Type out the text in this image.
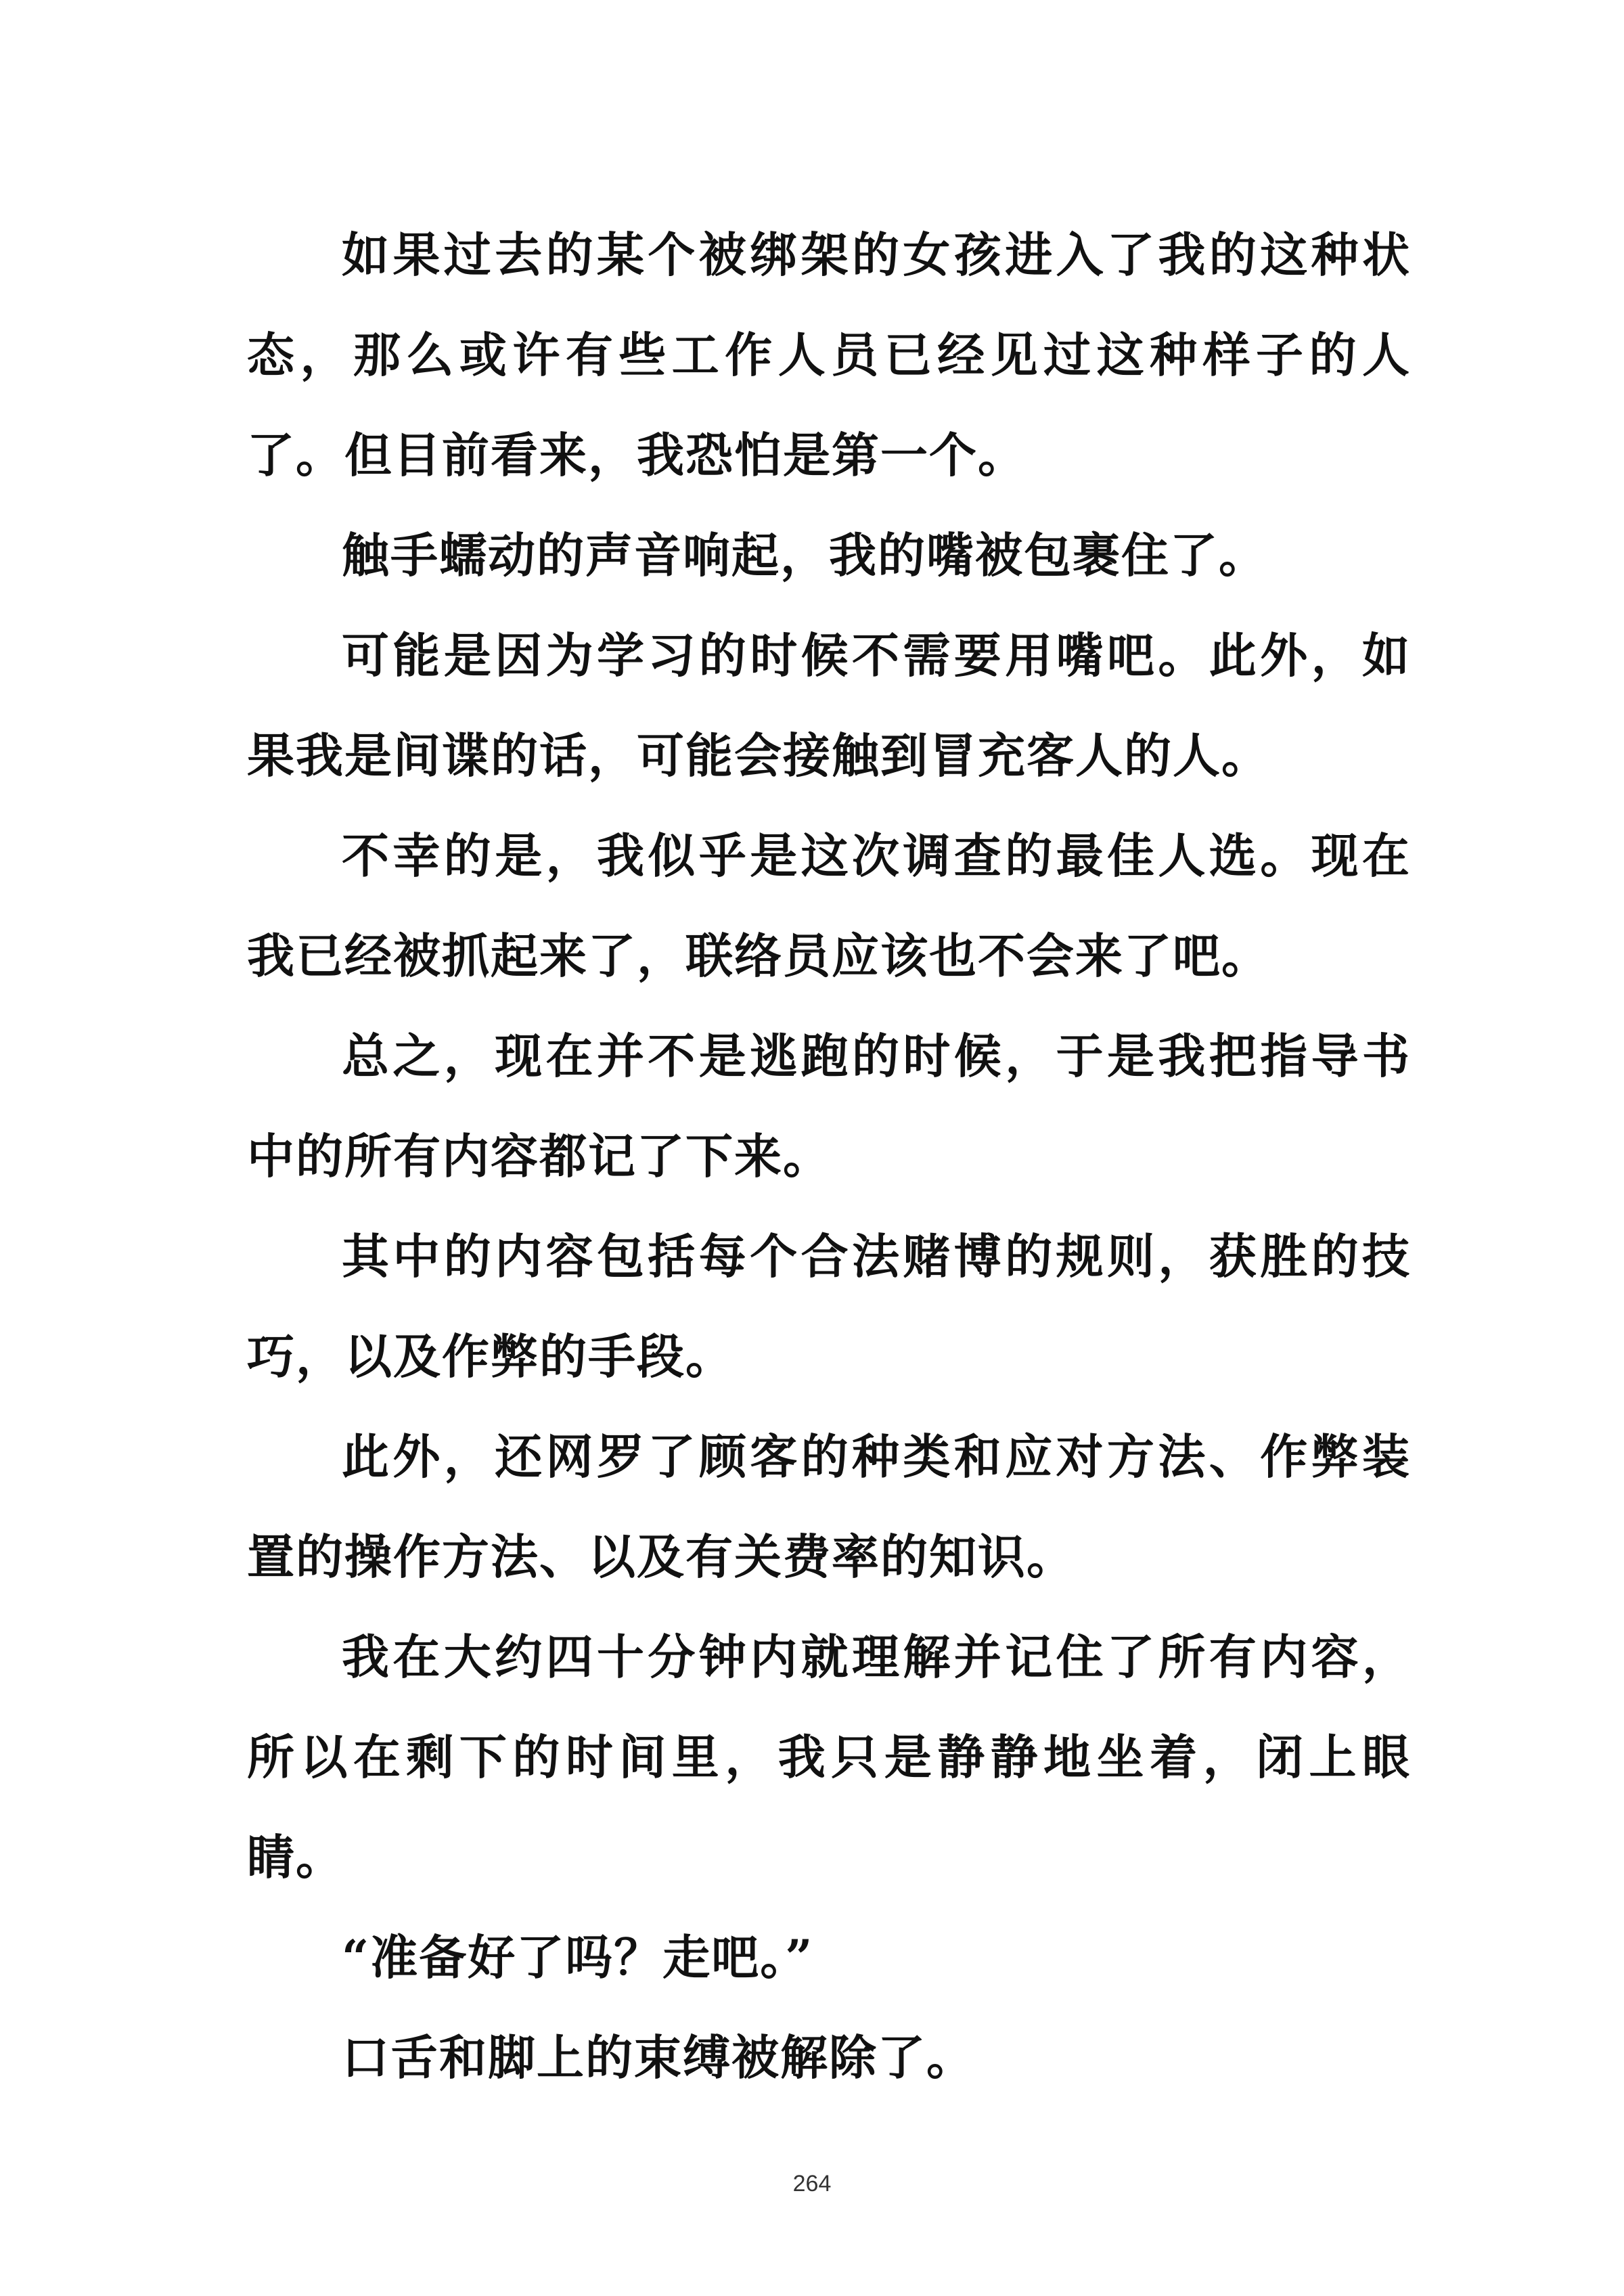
如果过去的某个被绑架的女孩进入了我的这种状态，那么或许有些工作人员已经见过这种样子的人了。但目前看来，我恐怕是第一个。

触手蠕动的声音响起，我的嘴被包裹住了。

可能是因为学习的时候不需要用嘴吧。此外，如果我是间谍的话，可能会接触到冒充客人的人。

不幸的是，我似乎是这次调查的最佳人选。现在我已经被抓起来了，联络员应该也不会来了吧。

总之，现在并不是逃跑的时候，于是我把指导书中的所有内容都记了下来。

其中的内容包括每个合法赌博的规则，获胜的技巧，以及作弊的手段。

此外，还网罗了顾客的种类和应对方法、作弊装置的操作方法、以及有关费率的知识。

我在大约四十分钟内就理解并记住了所有内容，所以在剩下的时间里，我只是静静地坐着，闭上眼睛。

“准备好了吗？走吧。”

口舌和脚上的束缚被解除了。

264
